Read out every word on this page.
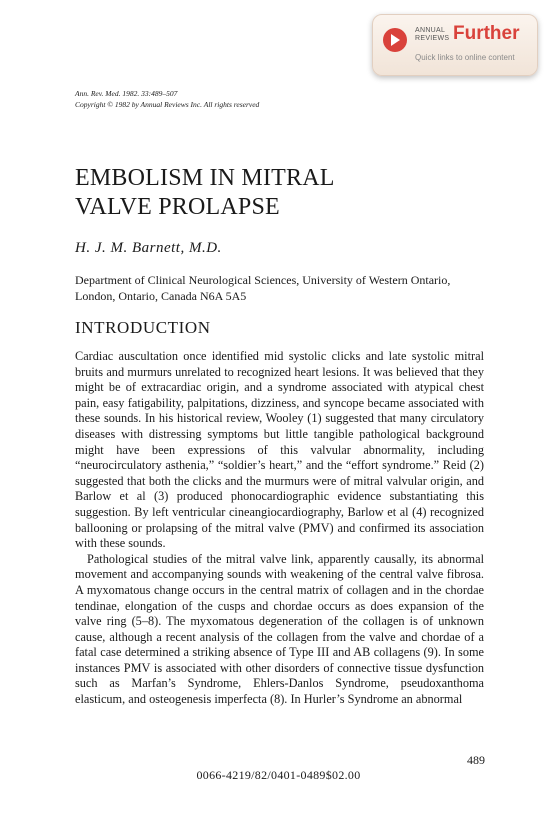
ANNUAL
REVIEWS Further
Quick links to online content
Ann. Rev. Med. 1982. 33:489–507
Copyright © 1982 by Annual Reviews Inc. All rights reserved
EMBOLISM IN MITRAL
VALVE PROLAPSE
H. J. M. Barnett, M.D.
Department of Clinical Neurological Sciences, University of Western Ontario,
London, Ontario, Canada N6A 5A5
INTRODUCTION

Cardiac auscultation once identified mid systolic clicks and late systolic mitral bruits and murmurs unrelated to recognized heart lesions. It was believed that they might be of extracardiac origin, and a syndrome associated with atypical chest pain, easy fatigability, palpitations, dizziness, and syncope became associated with these sounds. In his historical review, Wooley (1) suggested that many circulatory diseases with distressing symptoms but little tangible pathological background might have been expressions of this valvular abnormality, including “neurocirculatory asthenia,” “soldier’s heart,” and the “effort syndrome.” Reid (2) suggested that both the clicks and the murmurs were of mitral valvular origin, and Barlow et al (3) produced phonocardiographic evidence substantiating this suggestion. By left ventricular cineangiocardiography, Barlow et al (4) recognized ballooning or prolapsing of the mitral valve (PMV) and confirmed its association with these sounds.

Pathological studies of the mitral valve link, apparently causally, its abnormal movement and accompanying sounds with weakening of the central valve fibrosa. A myxomatous change occurs in the central matrix of collagen and in the chordae tendinae, elongation of the cusps and chordae occurs as does expansion of the valve ring (5–8). The myxomatous degeneration of the collagen is of unknown cause, although a recent analysis of the collagen from the valve and chordae of a fatal case determined a striking absence of Type III and AB collagens (9). In some instances PMV is associated with other disorders of connective tissue dysfunction such as Marfan’s Syndrome, Ehlers-Danlos Syndrome, pseudoxanthoma elasticum, and osteogenesis imperfecta (8). In Hurler’s Syndrome an abnormal

489
0066-4219/82/0401-0489$02.00
